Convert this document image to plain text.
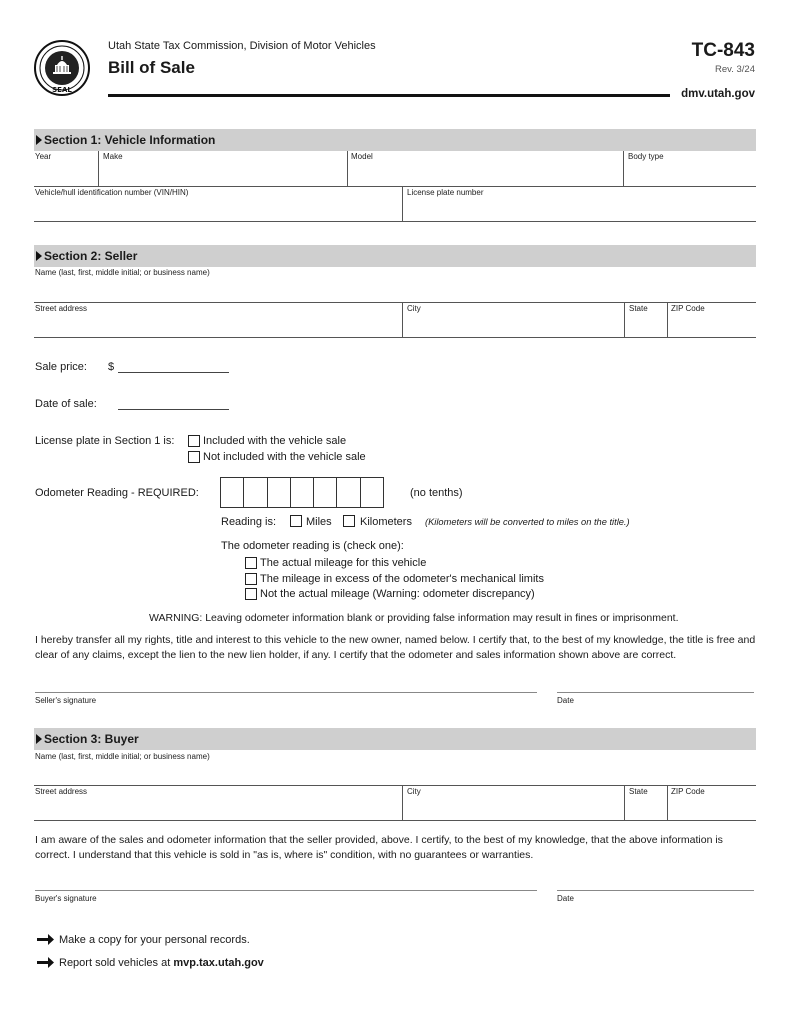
SEAL
Utah State Tax Commission, Division of Motor Vehicles
Bill of Sale
TC-843
Rev. 3/24
dmv.utah.gov
Section 1: Vehicle Information
Year	Make	Model	Body type
Vehicle/hull identification number (VIN/HIN)	License plate number
Section 2: Seller
Name (last, first, middle initial; or business name)
Street address	City	State	ZIP Code
Sale price: $
Date of sale:
License plate in Section 1 is:	Included with the vehicle sale
Not included with the vehicle sale
Odometer Reading - REQUIRED:	(no tenths)
Reading is:	Miles	Kilometers (Kilometers will be converted to miles on the title.)
The odometer reading is (check one):
The actual mileage for this vehicle
The mileage in excess of the odometer's mechanical limits
Not the actual mileage (Warning: odometer discrepancy)
WARNING: Leaving odometer information blank or providing false information may result in fines or imprisonment.
I hereby transfer all my rights, title and interest to this vehicle to the new owner, named below. I certify that, to the best of my knowledge, the title is free and clear of any claims, except the lien to the new lien holder, if any. I certify that the odometer and sales information shown above are correct.
Seller's signature	Date
Section 3: Buyer
Name (last, first, middle initial; or business name)
Street address	City	State	ZIP Code
I am aware of the sales and odometer information that the seller provided, above. I certify, to the best of my knowledge, that the above information is correct. I understand that this vehicle is sold in "as is, where is" condition, with no guarantees or warranties.
Buyer's signature	Date
Make a copy for your personal records.
Report sold vehicles at mvp.tax.utah.gov
